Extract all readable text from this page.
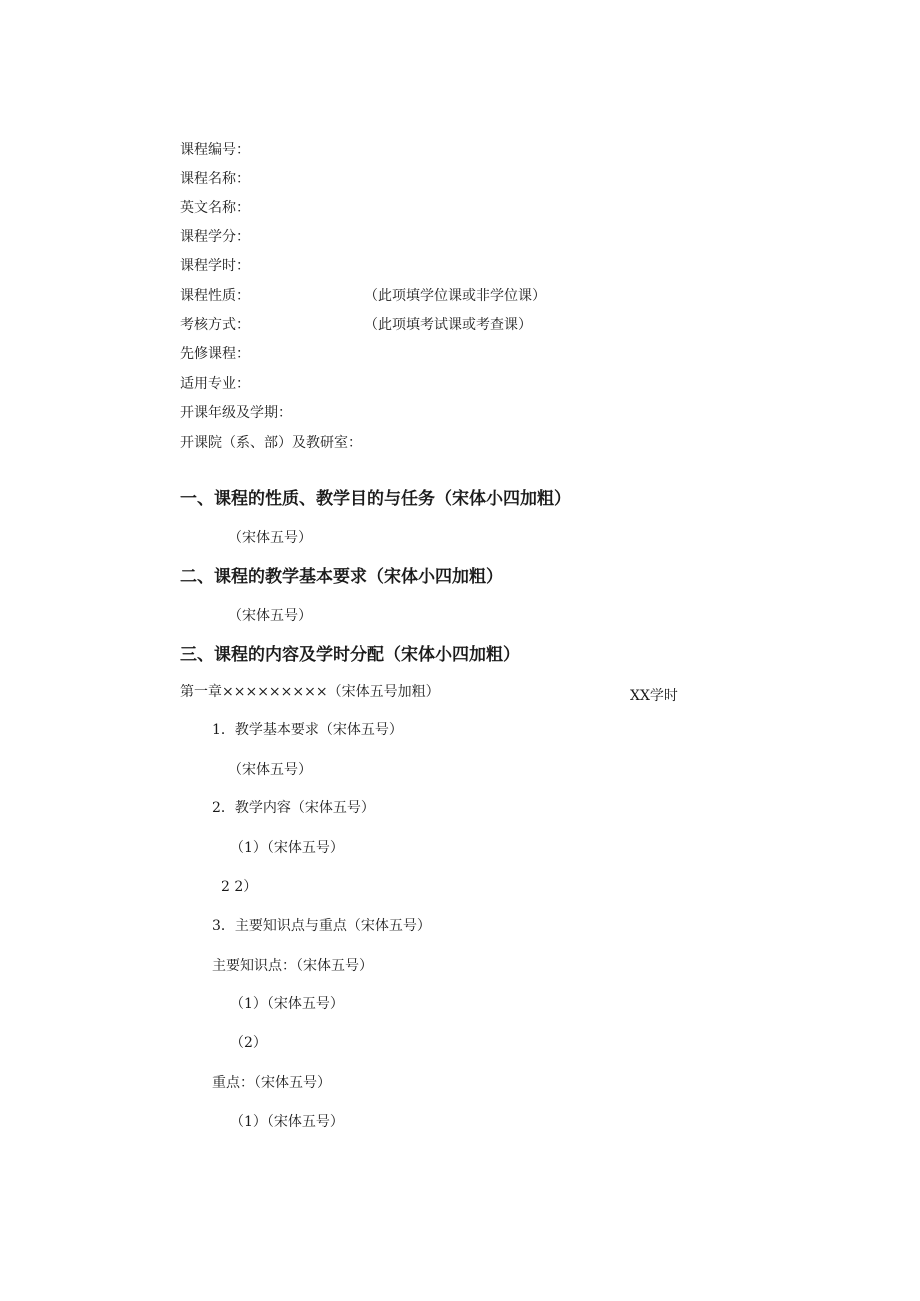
课程编号：
课程名称：
英文名称：
课程学分：
课程学时：
课程性质：	（此项填学位课或非学位课）
考核方式：	（此项填考试课或考查课）
先修课程：
适用专业：
开课年级及学期：
开课院（系、部）及教研室：
一、课程的性质、教学目的与任务（宋体小四加粗）
（宋体五号）
二、课程的教学基本要求（宋体小四加粗）
（宋体五号）
三、课程的内容及学时分配（宋体小四加粗）
第一章×××××××××（宋体五号加粗）	XX学时
1．教学基本要求（宋体五号）
（宋体五号）
2．教学内容（宋体五号）
（1）（宋体五号）
2 2）
3．主要知识点与重点（宋体五号）
主要知识点：（宋体五号）
（1）（宋体五号）
（2）
重点：（宋体五号）
（1）（宋体五号）
